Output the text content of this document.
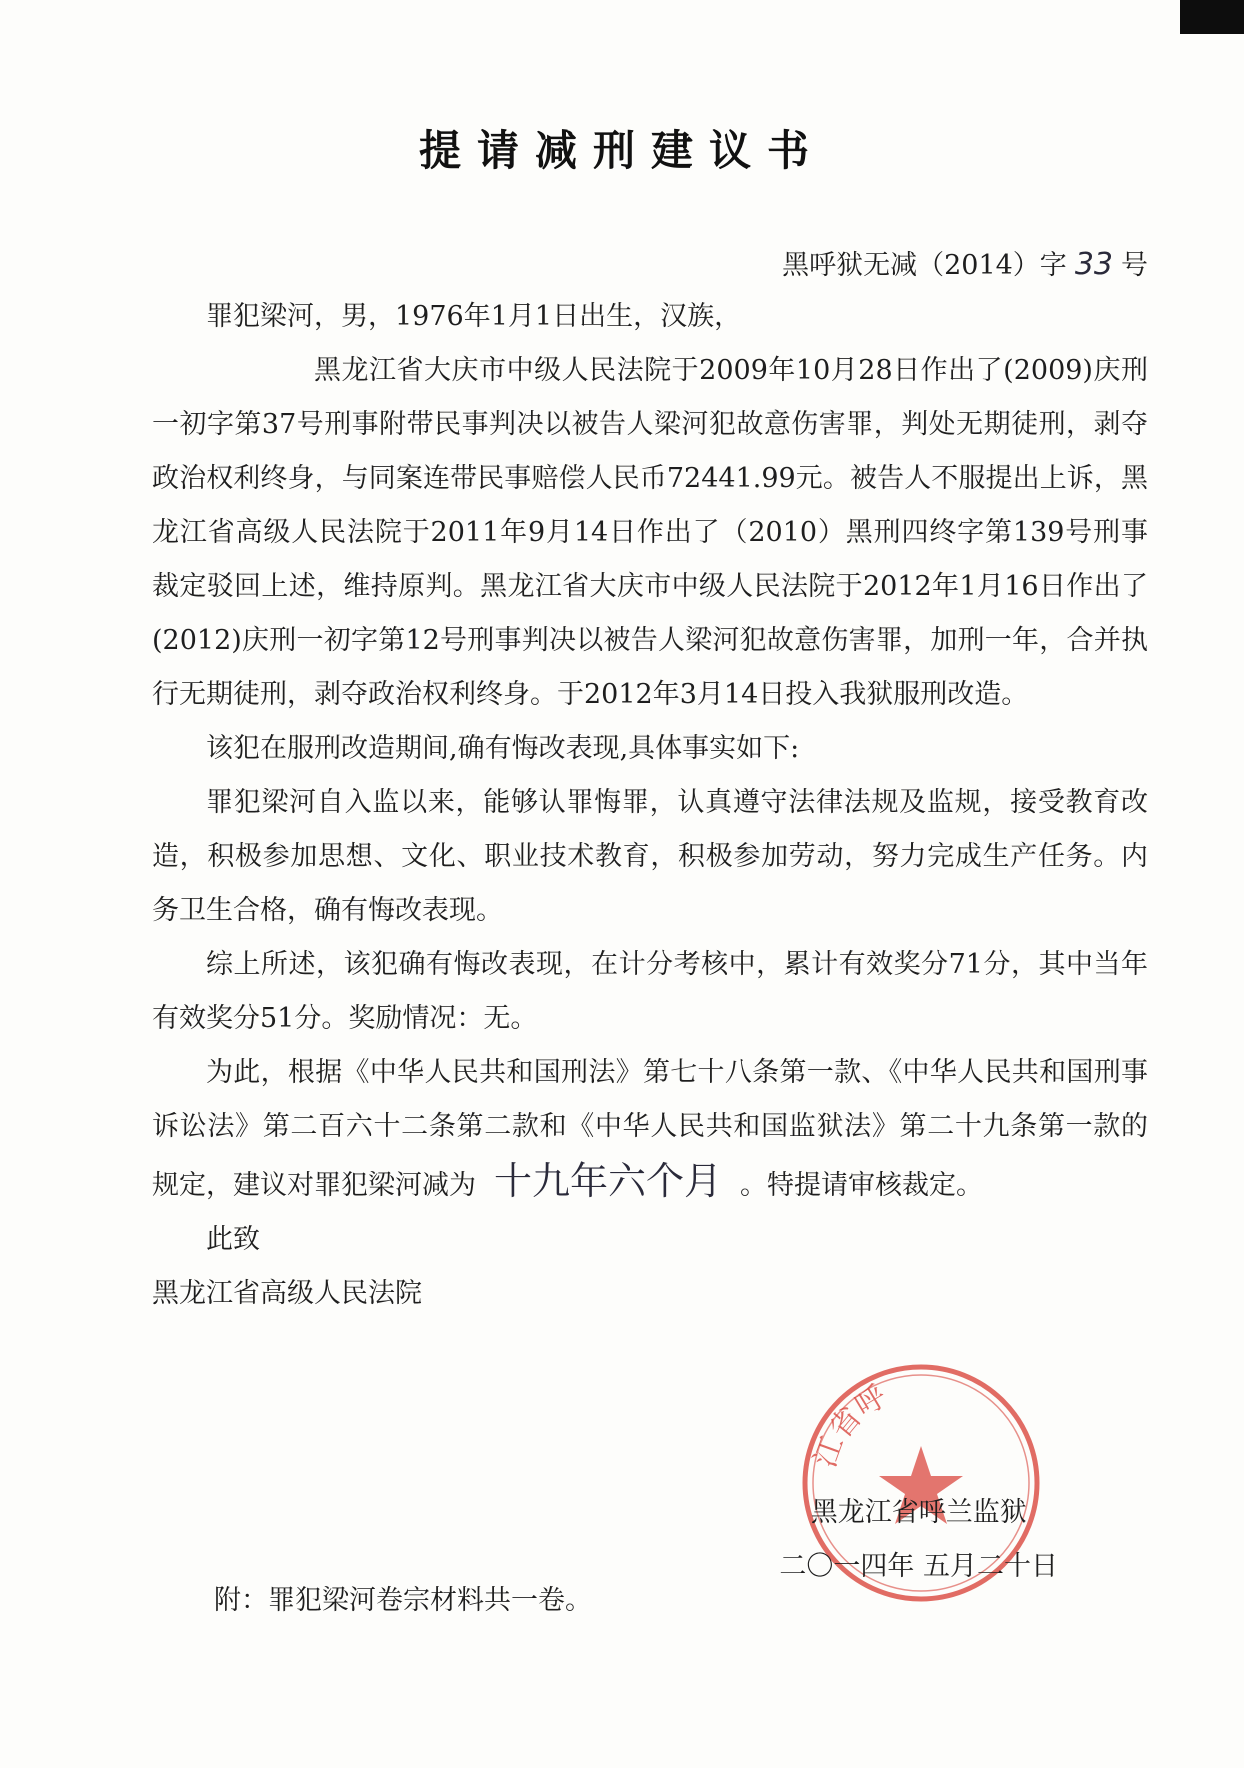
提请减刑建议书
黑呼狱无减（2014）字 33 号

罪犯梁河，男，1976年1月1日出生，汉族，

黑龙江省大庆市中级人民法院于2009年10月28日作出了(2009)庆刑一初字第37号刑事附带民事判决以被告人梁河犯故意伤害罪，判处无期徒刑，剥夺政治权利终身，与同案连带民事赔偿人民币72441.99元。被告人不服提出上诉，黑龙江省高级人民法院于2011年9月14日作出了（2010）黑刑四终字第139号刑事裁定驳回上述，维持原判。黑龙江省大庆市中级人民法院于2012年1月16日作出了(2012)庆刑一初字第12号刑事判决以被告人梁河犯故意伤害罪，加刑一年，合并执行无期徒刑，剥夺政治权利终身。于2012年3月14日投入我狱服刑改造。

该犯在服刑改造期间,确有悔改表现,具体事实如下:

罪犯梁河自入监以来，能够认罪悔罪，认真遵守法律法规及监规，接受教育改造，积极参加思想、文化、职业技术教育，积极参加劳动，努力完成生产任务。内务卫生合格，确有悔改表现。

综上所述，该犯确有悔改表现，在计分考核中，累计有效奖分71分，其中当年有效奖分51分。奖励情况：无。

为此，根据《中华人民共和国刑法》第七十八条第一款、《中华人民共和国刑事诉讼法》第二百六十二条第二款和《中华人民共和国监狱法》第二十九条第一款的规定，建议对罪犯梁河减为 十九年六个月 。特提请审核裁定。

此致

黑龙江省高级人民法院

江省呼
黑龙江省呼兰监狱
二〇一四年 五月二十日
附：罪犯梁河卷宗材料共一卷。
